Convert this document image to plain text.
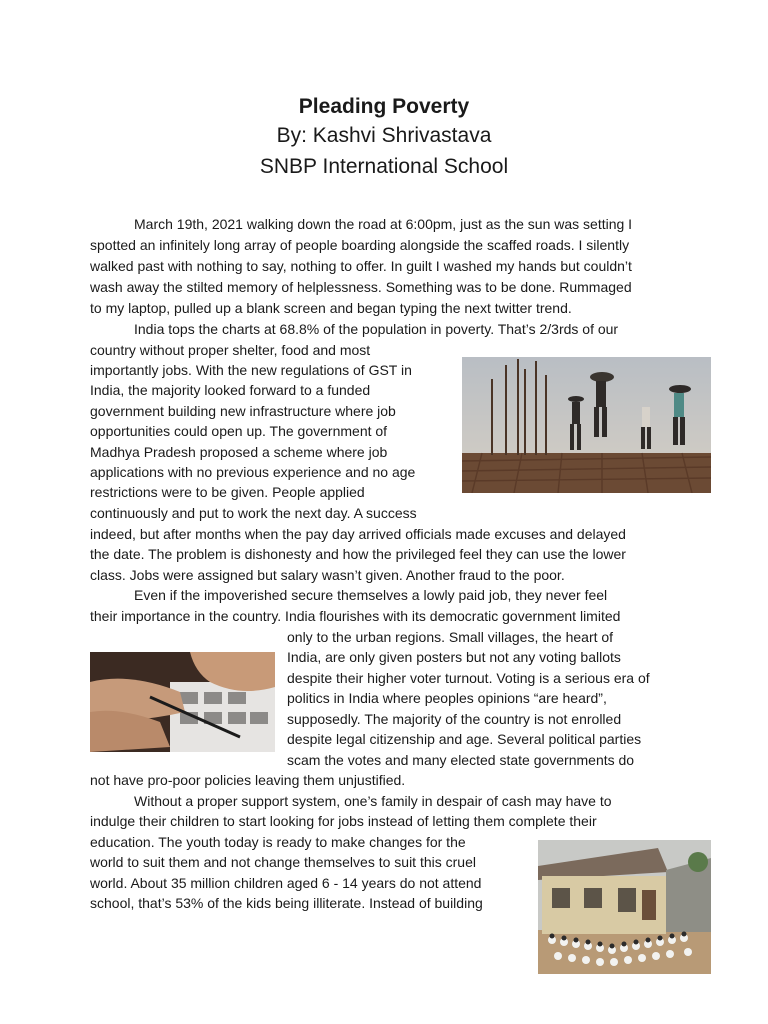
Pleading Poverty
By: Kashvi Shrivastava
SNBP International School
March 19th, 2021 walking down the road at 6:00pm, just as the sun was setting I
spotted an infinitely long array of people boarding alongside the scaffed roads. I silently
walked past with nothing to say, nothing to offer. In guilt I washed my hands but couldn’t
wash away the stilted memory of helplessness. Something was to be done. Rummaged
to my laptop, pulled up a blank screen and began typing the next twitter trend.
India tops the charts at 68.8% of the population in poverty. That’s 2/3rds of our
country without proper shelter, food and most
importantly jobs. With the new regulations of GST in
India, the majority looked forward to a funded
government building new infrastructure where job
opportunities could open up. The government of
Madhya Pradesh proposed a scheme where job
applications with no previous experience and no age
restrictions were to be given. People applied
continuously and put to work the next day. A success
indeed, but after months when the pay day arrived officials made excuses and delayed
the date. The problem is dishonesty and how the privileged feel they can use the lower
class. Jobs were assigned but salary wasn’t given. Another fraud to the poor.
Even if the impoverished secure themselves a lowly paid job, they never feel
their importance in the country. India flourishes with its democratic government limited
only to the urban regions. Small villages, the heart of
India, are only given posters but not any voting ballots
despite their higher voter turnout. Voting is a serious era of
politics in India where peoples opinions “are heard”,
supposedly. The majority of the country is not enrolled
despite legal citizenship and age. Several political parties
scam the votes and many elected state governments do
not have pro-poor policies leaving them unjustified.
Without a proper support system, one’s family in despair of cash may have to
indulge their children to start looking for jobs instead of letting them complete their
education. The youth today is ready to make changes for the
world to suit them and not change themselves to suit this cruel
world. About 35 million children aged 6 - 14 years do not attend
school, that’s 53% of the kids being illiterate. Instead of building
